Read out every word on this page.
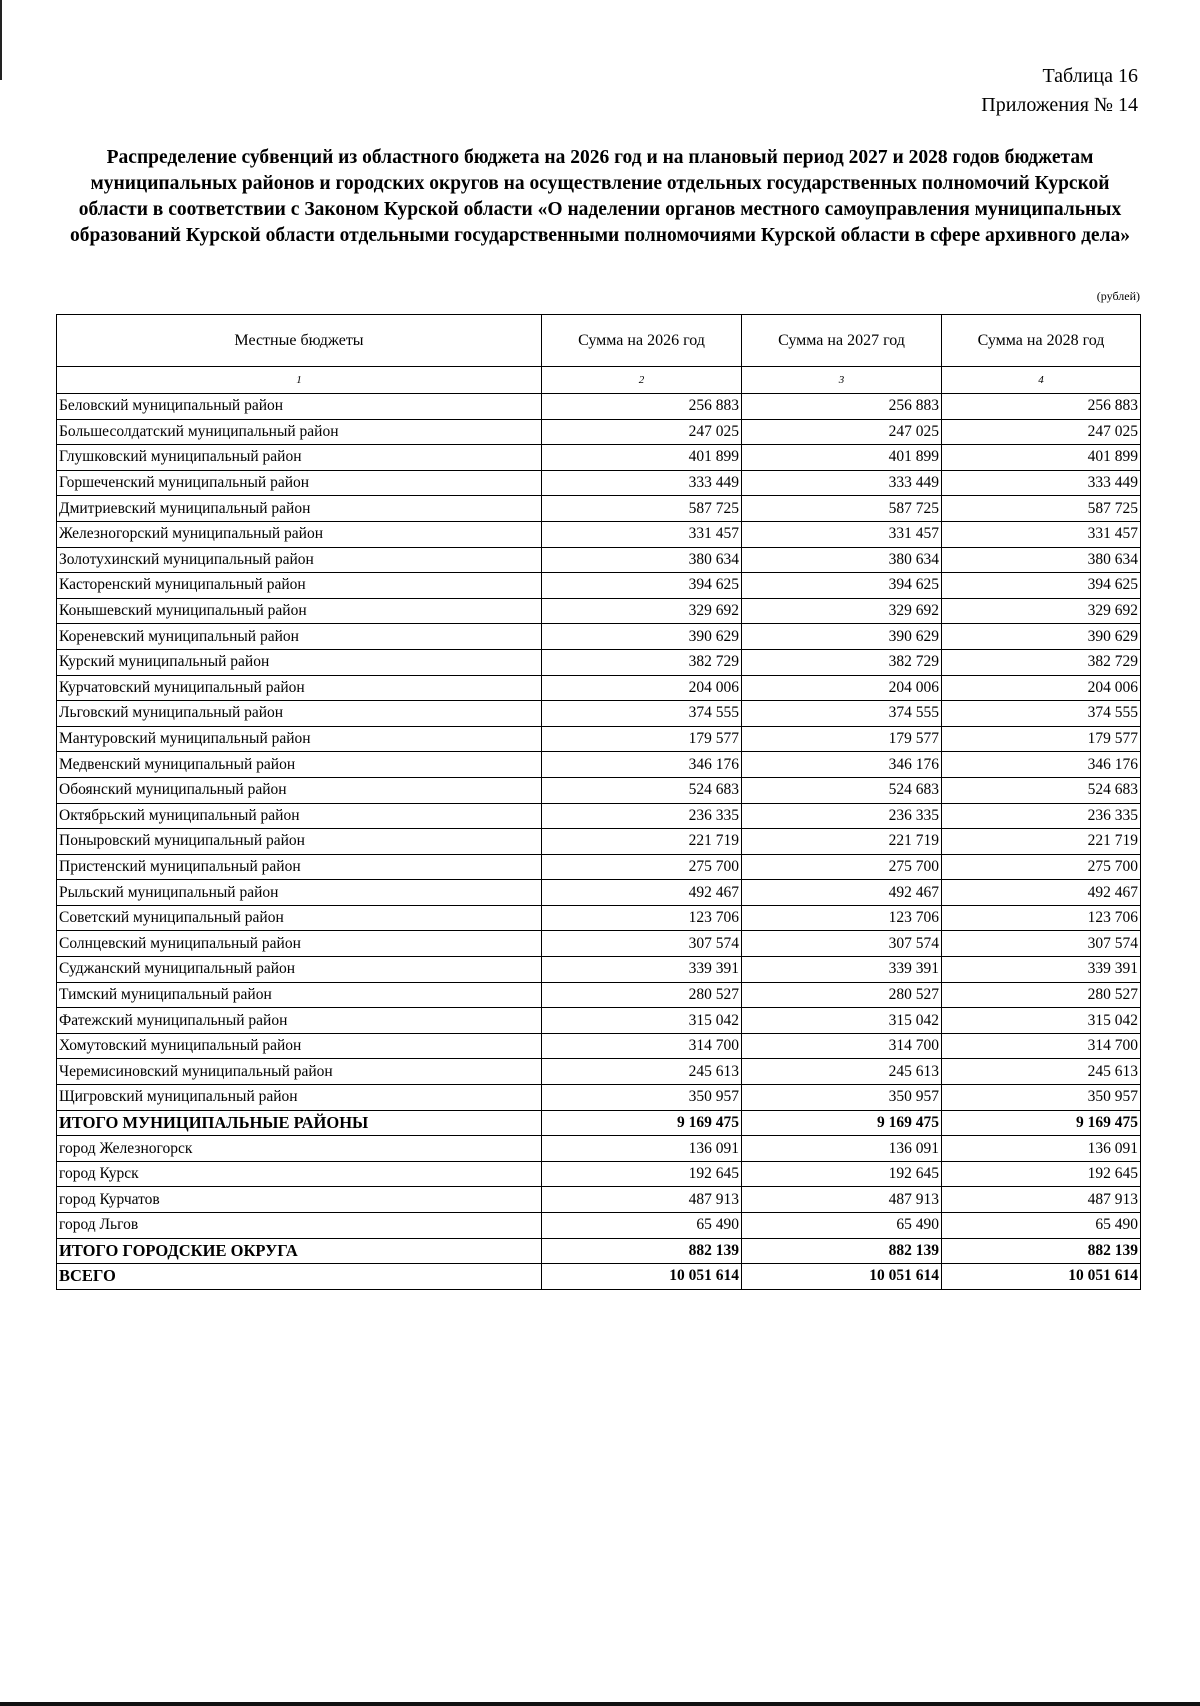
Таблица 16
Приложения № 14
Распределение субвенций из областного бюджета на 2026 год и на плановый период 2027 и 2028 годов бюджетам муниципальных районов и городских округов на осуществление отдельных государственных полномочий Курской области в соответствии с Законом Курской области «О наделении органов местного самоуправления муниципальных образований Курской области отдельными государственными полномочиями Курской области в сфере архивного дела»
(рублей)
Местные бюджеты	Сумма на 2026 год	Сумма на 2027 год	Сумма на 2028 год
1	2	3	4
Беловский муниципальный район	256 883	256 883	256 883
Большесолдатский муниципальный район	247 025	247 025	247 025
Глушковский муниципальный район	401 899	401 899	401 899
Горшеченский муниципальный район	333 449	333 449	333 449
Дмитриевский муниципальный район	587 725	587 725	587 725
Железногорский муниципальный район	331 457	331 457	331 457
Золотухинский муниципальный район	380 634	380 634	380 634
Касторенский муниципальный район	394 625	394 625	394 625
Конышевский муниципальный район	329 692	329 692	329 692
Кореневский муниципальный район	390 629	390 629	390 629
Курский муниципальный район	382 729	382 729	382 729
Курчатовский муниципальный район	204 006	204 006	204 006
Льговский муниципальный район	374 555	374 555	374 555
Мантуровский муниципальный район	179 577	179 577	179 577
Медвенский муниципальный район	346 176	346 176	346 176
Обоянский муниципальный район	524 683	524 683	524 683
Октябрьский муниципальный район	236 335	236 335	236 335
Поныровский муниципальный район	221 719	221 719	221 719
Пристенский муниципальный район	275 700	275 700	275 700
Рыльский муниципальный район	492 467	492 467	492 467
Советский муниципальный район	123 706	123 706	123 706
Солнцевский муниципальный район	307 574	307 574	307 574
Суджанский муниципальный район	339 391	339 391	339 391
Тимский муниципальный район	280 527	280 527	280 527
Фатежский муниципальный район	315 042	315 042	315 042
Хомутовский муниципальный район	314 700	314 700	314 700
Черемисиновский муниципальный район	245 613	245 613	245 613
Щигровский муниципальный район	350 957	350 957	350 957
ИТОГО МУНИЦИПАЛЬНЫЕ РАЙОНЫ	9 169 475	9 169 475	9 169 475
город Железногорск	136 091	136 091	136 091
город Курск	192 645	192 645	192 645
город Курчатов	487 913	487 913	487 913
город Льгов	65 490	65 490	65 490
ИТОГО ГОРОДСКИЕ ОКРУГА	882 139	882 139	882 139
ВСЕГО	10 051 614	10 051 614	10 051 614
